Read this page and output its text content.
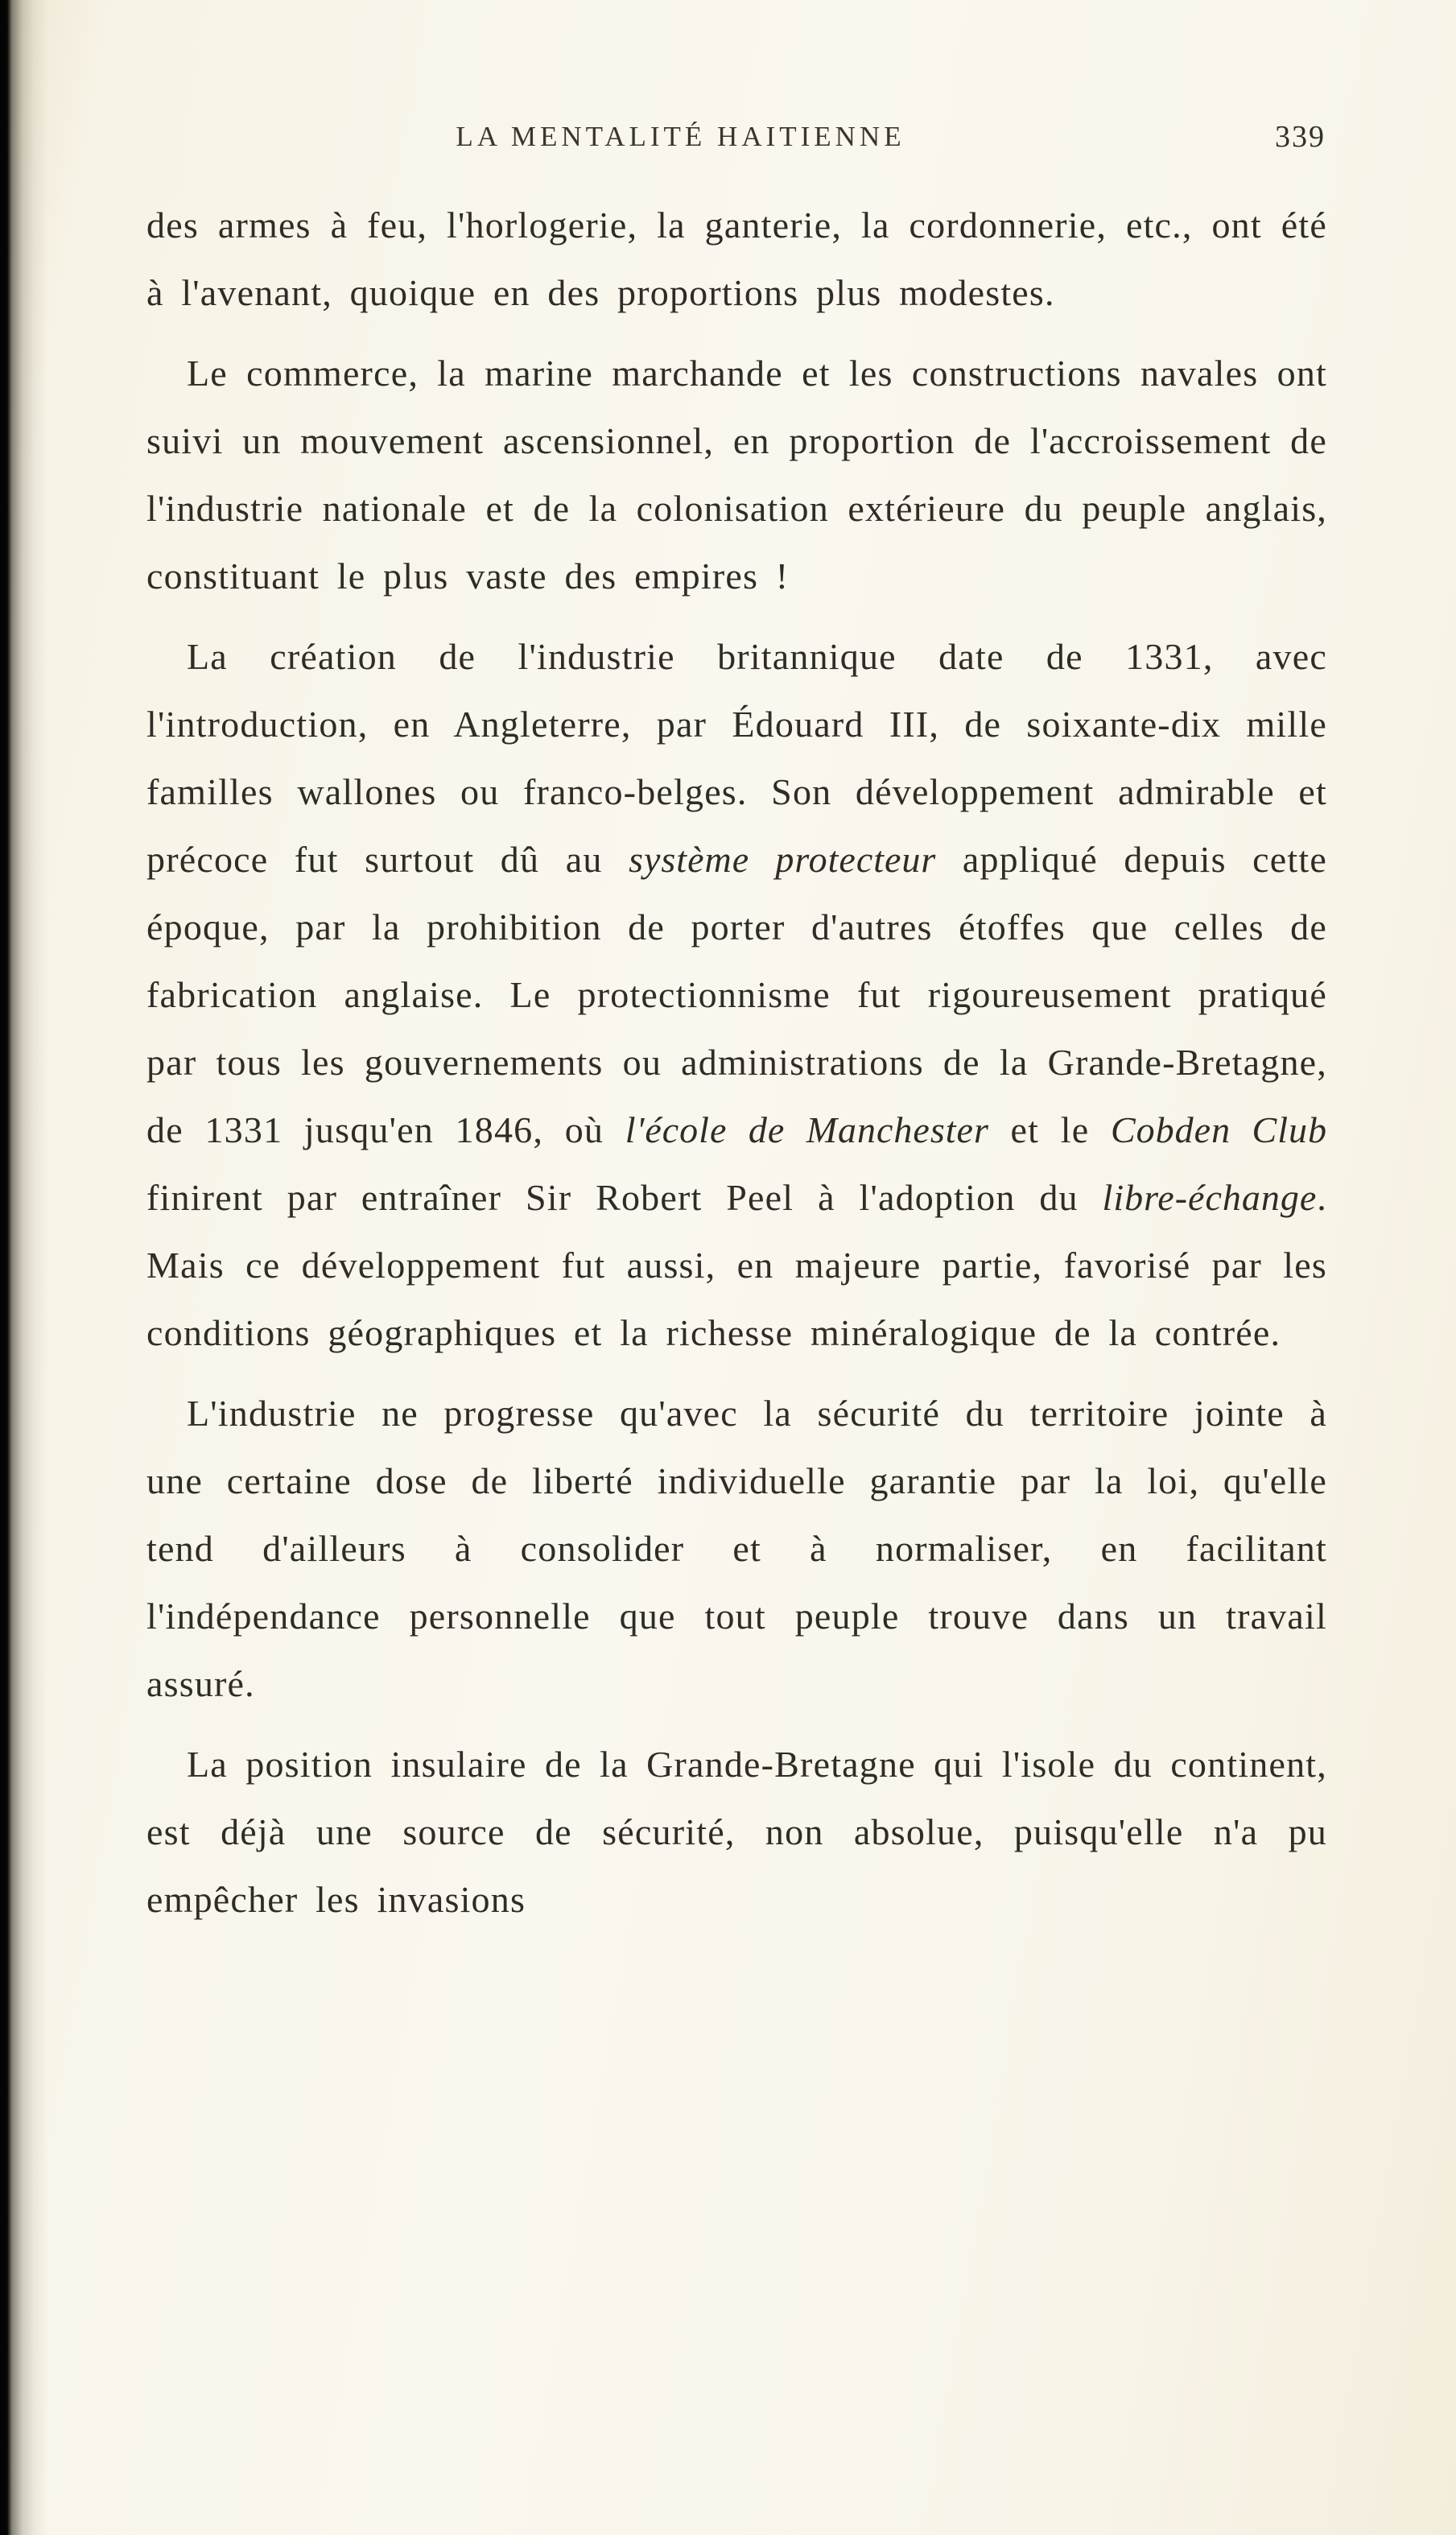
LA MENTALITÉ HAITIENNE	339

des armes à feu, l'horlogerie, la ganterie, la cordonnerie, etc., ont été à l'avenant, quoique en des proportions plus modestes.

Le commerce, la marine marchande et les constructions navales ont suivi un mouvement ascensionnel, en proportion de l'accroissement de l'industrie nationale et de la colonisation extérieure du peuple anglais, constituant le plus vaste des empires !

La création de l'industrie britannique date de 1331, avec l'introduction, en Angleterre, par Édouard III, de soixante-dix mille familles wallones ou franco-belges. Son développement admirable et précoce fut surtout dû au système protecteur appliqué depuis cette époque, par la prohibition de porter d'autres étoffes que celles de fabrication anglaise. Le protectionnisme fut rigoureusement pratiqué par tous les gouvernements ou administrations de la Grande-Bretagne, de 1331 jusqu'en 1846, où l'école de Manchester et le Cobden Club finirent par entraîner Sir Robert Peel à l'adoption du libre-échange. Mais ce développement fut aussi, en majeure partie, favorisé par les conditions géographiques et la richesse minéralogique de la contrée.

L'industrie ne progresse qu'avec la sécurité du territoire jointe à une certaine dose de liberté individuelle garantie par la loi, qu'elle tend d'ailleurs à consolider et à normaliser, en facilitant l'indépendance personnelle que tout peuple trouve dans un travail assuré.

La position insulaire de la Grande-Bretagne qui l'isole du continent, est déjà une source de sécurité, non absolue, puisqu'elle n'a pu empêcher les invasions
